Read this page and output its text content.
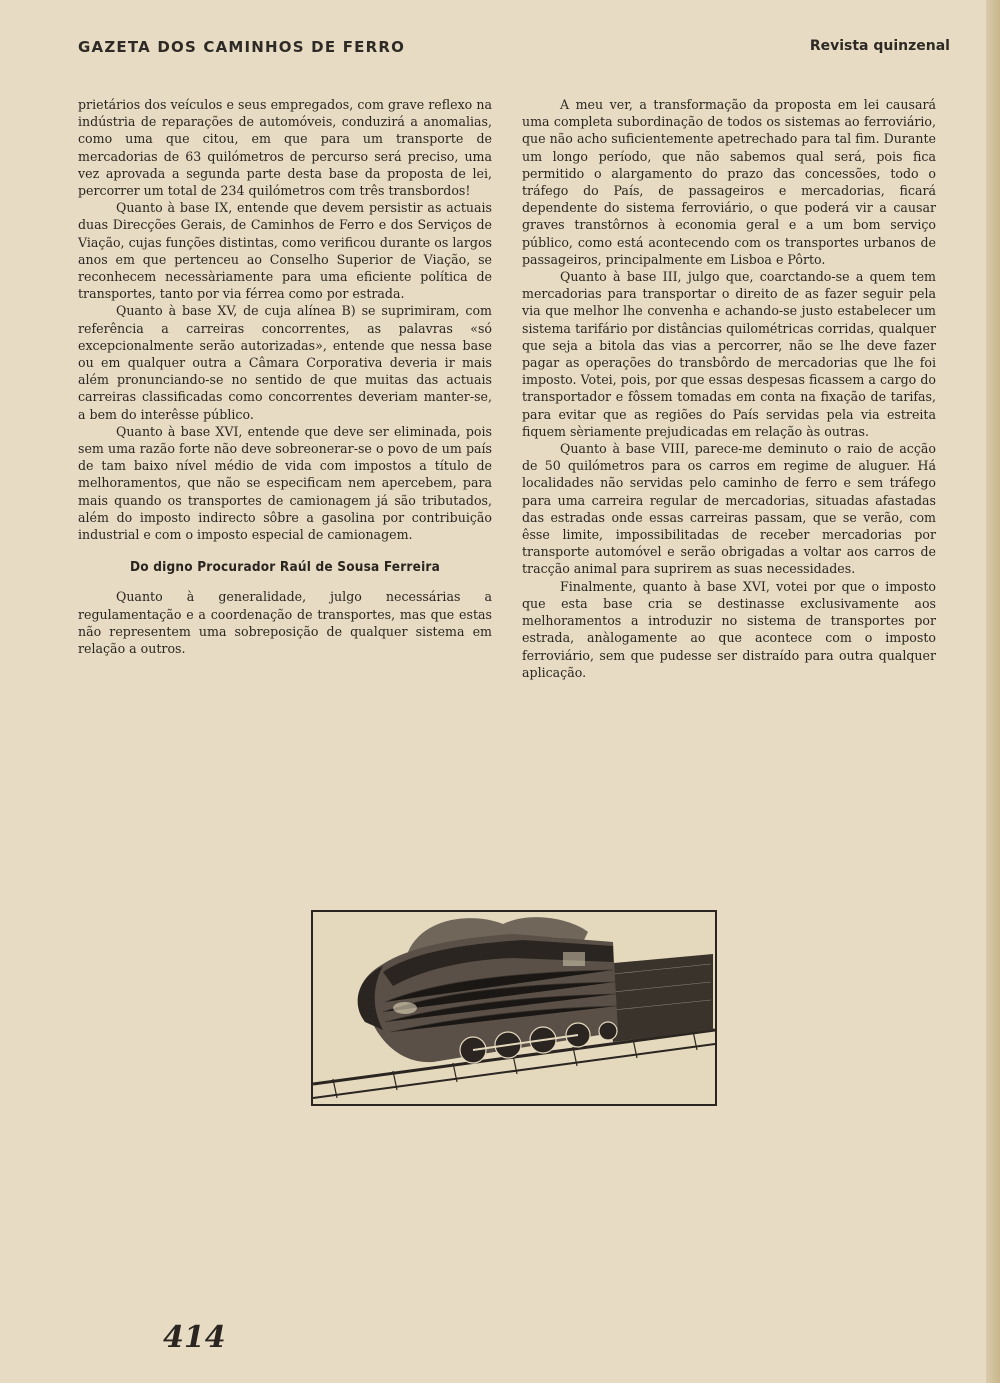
GAZETA DOS CAMINHOS DE FERRO	Revista quinzenal

prietários dos veículos e seus empregados, com grave reflexo na indústria de reparações de automóveis, conduzirá a anomalias, como uma que citou, em que para um transporte de mercadorias de 63 quilómetros de percurso será preciso, uma vez aprovada a segunda parte desta base da proposta de lei, percorrer um total de 234 quilómetros com três transbordos!

Quanto à base IX, entende que devem persistir as actuais duas Direcções Gerais, de Caminhos de Ferro e dos Serviços de Viação, cujas funções distintas, como verificou durante os largos anos em que pertenceu ao Conselho Superior de Viação, se reconhecem necessàriamente para uma eficiente política de transportes, tanto por via férrea como por estrada.

Quanto à base XV, de cuja alínea B) se suprimiram, com referência a carreiras concorrentes, as palavras «só excepcionalmente serão autorizadas», entende que nessa base ou em qualquer outra a Câmara Corporativa deveria ir mais além pronunciando-se no sentido de que muitas das actuais carreiras classificadas como concorrentes deveriam manter-se, a bem do interêsse público.

Quanto à base XVI, entende que deve ser eliminada, pois sem uma razão forte não deve sobreonerar-se o povo de um país de tam baixo nível médio de vida com impostos a título de melhoramentos, que não se especificam nem apercebem, para mais quando os transportes de camionagem já são tributados, além do imposto indirecto sôbre a gasolina por contribuição industrial e com o imposto especial de camionagem.

Do digno Procurador Raúl de Sousa Ferreira

Quanto à generalidade, julgo necessárias a regulamentação e a coordenação de transportes, mas que estas não representem uma sobreposição de qualquer sistema em relação a outros.

A meu ver, a transformação da proposta em lei causará uma completa subordinação de todos os sistemas ao ferroviário, que não acho suficientemente apetrechado para tal fim. Durante um longo período, que não sabemos qual será, pois fica permitido o alargamento do prazo das concessões, todo o tráfego do País, de passageiros e mercadorias, ficará dependente do sistema ferroviário, o que poderá vir a causar graves transtôrnos à economia geral e a um bom serviço público, como está acontecendo com os transportes urbanos de passageiros, principalmente em Lisboa e Pôrto.

Quanto à base III, julgo que, coarctando-se a quem tem mercadorias para transportar o direito de as fazer seguir pela via que melhor lhe convenha e achando-se justo estabelecer um sistema tarifário por distâncias quilométricas corridas, qualquer que seja a bitola das vias a percorrer, não se lhe deve fazer pagar as operações do transbôrdo de mercadorias que lhe foi imposto. Votei, pois, por que essas despesas ficassem a cargo do transportador e fôssem tomadas em conta na fixação de tarifas, para evitar que as regiões do País servidas pela via estreita fiquem sèriamente prejudicadas em relação às outras.

Quanto à base VIII, parece-me deminuto o raio de acção de 50 quilómetros para os carros em regime de aluguer. Há localidades não servidas pelo caminho de ferro e sem tráfego para uma carreira regular de mercadorias, situadas afastadas das estradas onde essas carreiras passam, que se verão, com êsse limite, impossibilitadas de receber mercadorias por transporte automóvel e serão obrigadas a voltar aos carros de tracção animal para suprirem as suas necessidades.

Finalmente, quanto à base XVI, votei por que o imposto que esta base cria se destinasse exclusivamente aos melhoramentos a introduzir no sistema de transportes por estrada, anàlogamente ao que acontece com o imposto ferroviário, sem que pudesse ser distraído para outra qualquer aplicação.

414
